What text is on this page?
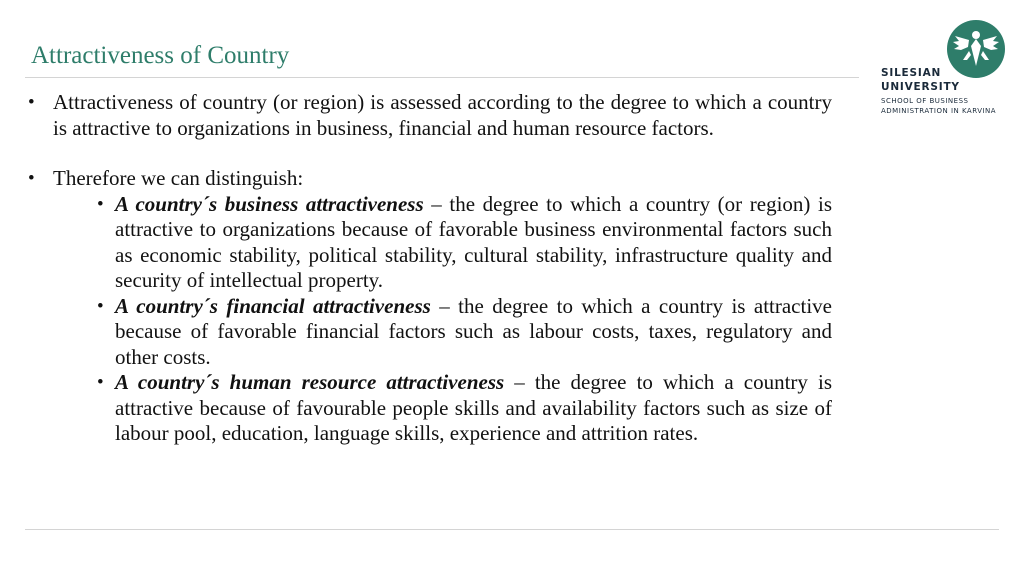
Attractiveness of Country
SILESIAN
UNIVERSITY
SCHOOL OF BUSINESS
ADMINISTRATION IN KARVINA
• Attractiveness of country (or region) is assessed according to the degree to which a country is attractive to organizations in business, financial and human resource factors.
• Therefore we can distinguish:
• A country´s business attractiveness – the degree to which a country (or region) is attractive to organizations because of favorable business environmental factors such as economic stability, political stability, cultural stability, infrastructure quality and security of intellectual property.
• A country´s financial attractiveness – the degree to which a country is attractive because of favorable financial factors such as labour costs, taxes, regulatory and other costs.
• A country´s human resource attractiveness – the degree to which a country is attractive because of favourable people skills and availability factors such as size of labour pool, education, language skills, experience and attrition rates.
